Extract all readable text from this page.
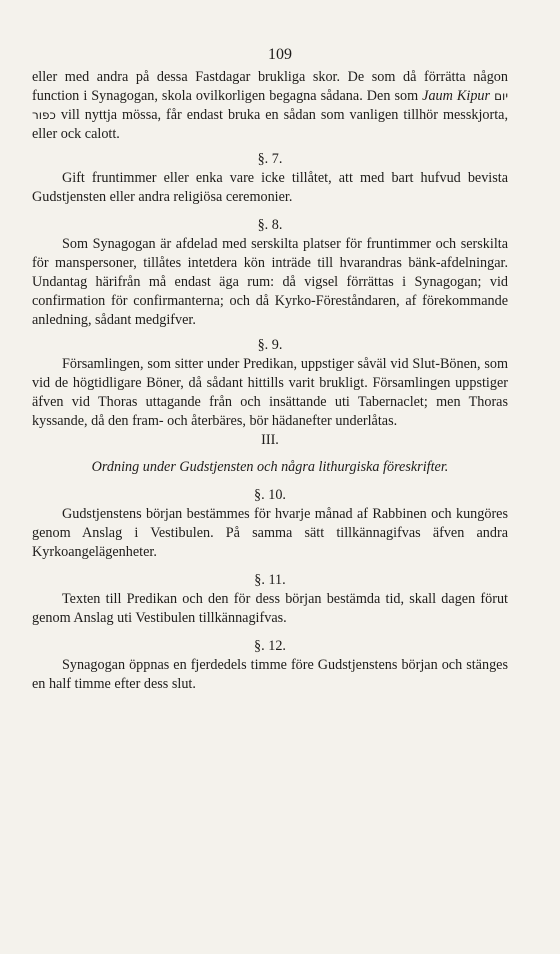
109

eller med andra på dessa Fastdagar brukliga skor. De som då förrätta någon function i Synagogan, skola ovilkorligen begagna sådana. Den som Jaum Kipur יום כפור vill nyttja mössa, får endast bruka en sådan som vanligen tillhör messkjorta, eller ock calott.

§. 7.

Gift fruntimmer eller enka vare icke tillåtet, att med bart hufvud bevista Gudstjensten eller andra religiösa ceremonier.

§. 8.

Som Synagogan är afdelad med serskilta platser för fruntimmer och serskilta för manspersoner, tillåtes intetdera kön inträde till hvarandras bänk-afdelningar. Undantag härifrån må endast äga rum: då vigsel förrättas i Synagogan; vid confirmation för confirmanterna; och då Kyrko-Föreståndaren, af förekommande anledning, sådant medgifver.

§. 9.

Församlingen, som sitter under Predikan, uppstiger såväl vid Slut-Bönen, som vid de högtidligare Böner, då sådant hittills varit brukligt. Församlingen uppstiger äfven vid Thoras uttagande från och insättande uti Tabernaclet; men Thoras kyssande, då den fram- och återbäres, bör hädanefter underlåtas.

III.
Ordning under Gudstjensten och några lithurgiska föreskrifter.
§. 10.

Gudstjenstens början bestämmes för hvarje månad af Rabbinen och kungöres genom Anslag i Vestibulen. På samma sätt tillkännagifvas äfven andra Kyrkoangelägenheter.

§. 11.

Texten till Predikan och den för dess början bestämda tid, skall dagen förut genom Anslag uti Vestibulen tillkännagifvas.

§. 12.

Synagogan öppnas en fjerdedels timme före Gudstjenstens början och stänges en half timme efter dess slut.
